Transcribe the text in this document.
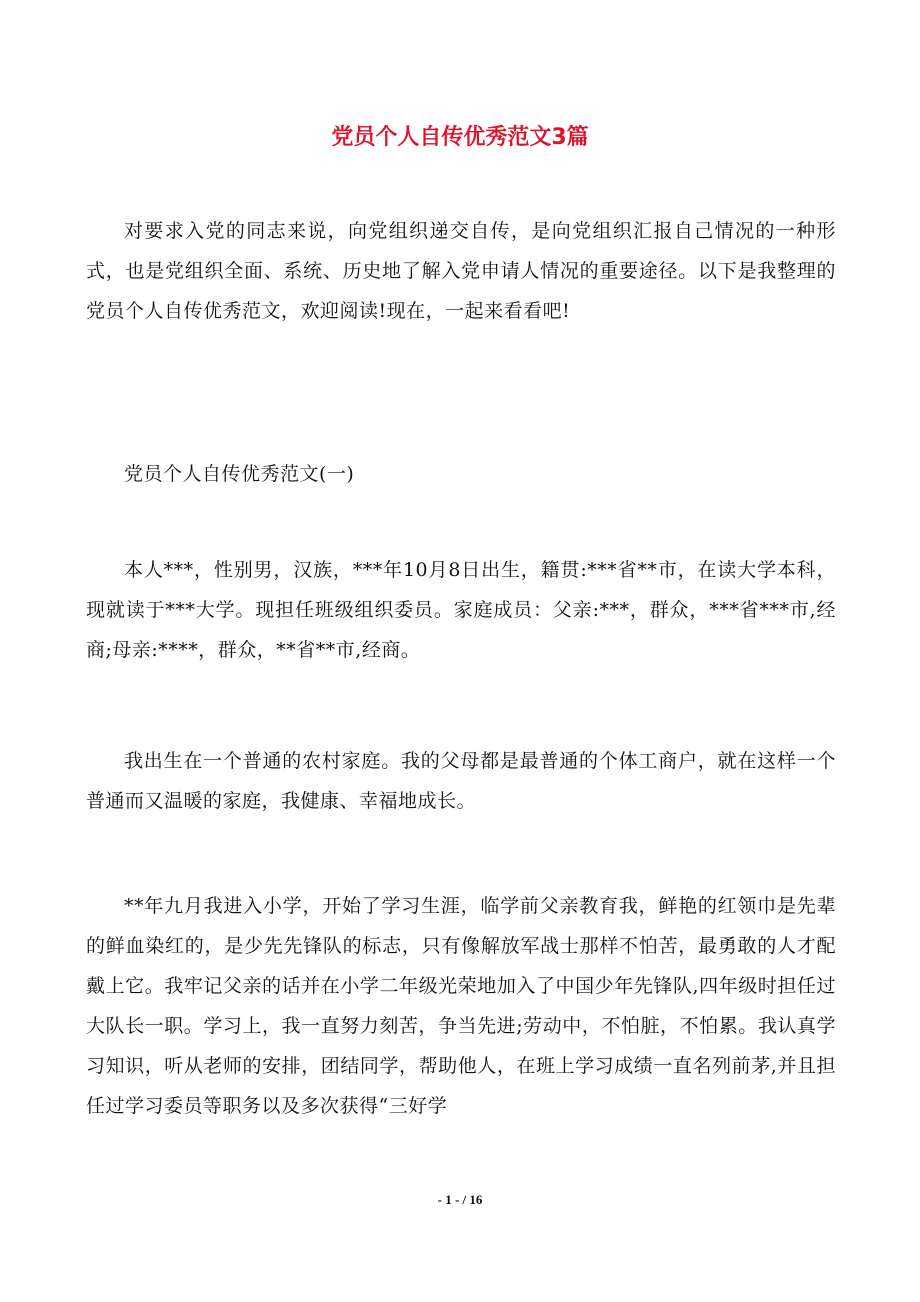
党员个人自传优秀范文3篇

对要求入党的同志来说，向党组织递交自传，是向党组织汇报自己情况的一种形式，也是党组织全面、系统、历史地了解入党申请人情况的重要途径。以下是我整理的党员个人自传优秀范文，欢迎阅读!现在，一起来看看吧!

党员个人自传优秀范文(一)

本人***，性别男，汉族，***年10月8日出生，籍贯:***省**市，在读大学本科，现就读于***大学。现担任班级组织委员。家庭成员：父亲:***，群众，***省***市,经商;母亲:****，群众，**省**市,经商。

我出生在一个普通的农村家庭。我的父母都是最普通的个体工商户，就在这样一个普通而又温暖的家庭，我健康、幸福地成长。

**年九月我进入小学，开始了学习生涯，临学前父亲教育我，鲜艳的红领巾是先辈的鲜血染红的，是少先先锋队的标志，只有像解放军战士那样不怕苦，最勇敢的人才配戴上它。我牢记父亲的话并在小学二年级光荣地加入了中国少年先锋队,四年级时担任过大队长一职。学习上，我一直努力刻苦，争当先进;劳动中，不怕脏，不怕累。我认真学习知识，听从老师的安排，团结同学，帮助他人，在班上学习成绩一直名列前茅,并且担任过学习委员等职务以及多次获得“三好学

- 1 - / 16
